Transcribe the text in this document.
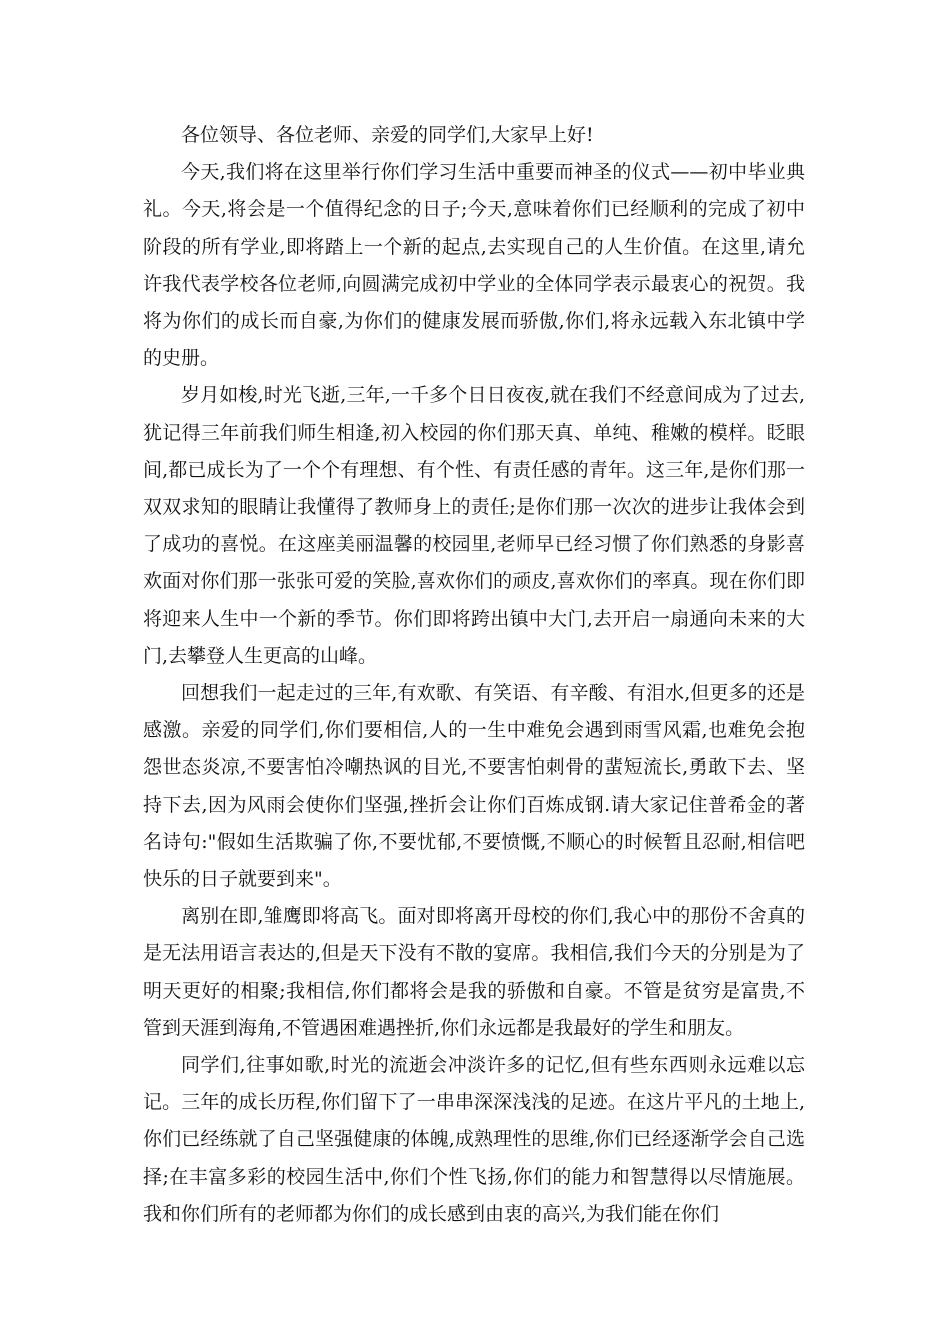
各位领导、各位老师、亲爱的同学们,大家早上好!

今天,我们将在这里举行你们学习生活中重要而神圣的仪式——初中毕业典礼。今天,将会是一个值得纪念的日子;今天,意味着你们已经顺利的完成了初中阶段的所有学业,即将踏上一个新的起点,去实现自己的人生价值。在这里,请允许我代表学校各位老师,向圆满完成初中学业的全体同学表示最衷心的祝贺。我将为你们的成长而自豪,为你们的健康发展而骄傲,你们,将永远载入东北镇中学的史册。

岁月如梭,时光飞逝,三年,一千多个日日夜夜,就在我们不经意间成为了过去,犹记得三年前我们师生相逢,初入校园的你们那天真、单纯、稚嫩的模样。眨眼间,都已成长为了一个个有理想、有个性、有责任感的青年。这三年,是你们那一双双求知的眼睛让我懂得了教师身上的责任;是你们那一次次的进步让我体会到了成功的喜悦。在这座美丽温馨的校园里,老师早已经习惯了你们熟悉的身影喜欢面对你们那一张张可爱的笑脸,喜欢你们的顽皮,喜欢你们的率真。现在你们即将迎来人生中一个新的季节。你们即将跨出镇中大门,去开启一扇通向未来的大门,去攀登人生更高的山峰。

回想我们一起走过的三年,有欢歌、有笑语、有辛酸、有泪水,但更多的还是感激。亲爱的同学们,你们要相信,人的一生中难免会遇到雨雪风霜,也难免会抱怨世态炎凉,不要害怕冷嘲热讽的目光,不要害怕刺骨的蜚短流长,勇敢下去、坚持下去,因为风雨会使你们坚强,挫折会让你们百炼成钢.请大家记住普希金的著名诗句:"假如生活欺骗了你,不要忧郁,不要愤慨,不顺心的时候暂且忍耐,相信吧快乐的日子就要到来"。

离别在即,雏鹰即将高飞。面对即将离开母校的你们,我心中的那份不舍真的是无法用语言表达的,但是天下没有不散的宴席。我相信,我们今天的分别是为了明天更好的相聚;我相信,你们都将会是我的骄傲和自豪。不管是贫穷是富贵,不管到天涯到海角,不管遇困难遇挫折,你们永远都是我最好的学生和朋友。

同学们,往事如歌,时光的流逝会冲淡许多的记忆,但有些东西则永远难以忘记。三年的成长历程,你们留下了一串串深深浅浅的足迹。在这片平凡的土地上,你们已经练就了自己坚强健康的体魄,成熟理性的思维,你们已经逐渐学会自己选择;在丰富多彩的校园生活中,你们个性飞扬,你们的能力和智慧得以尽情施展。我和你们所有的老师都为你们的成长感到由衷的高兴,为我们能在你们
